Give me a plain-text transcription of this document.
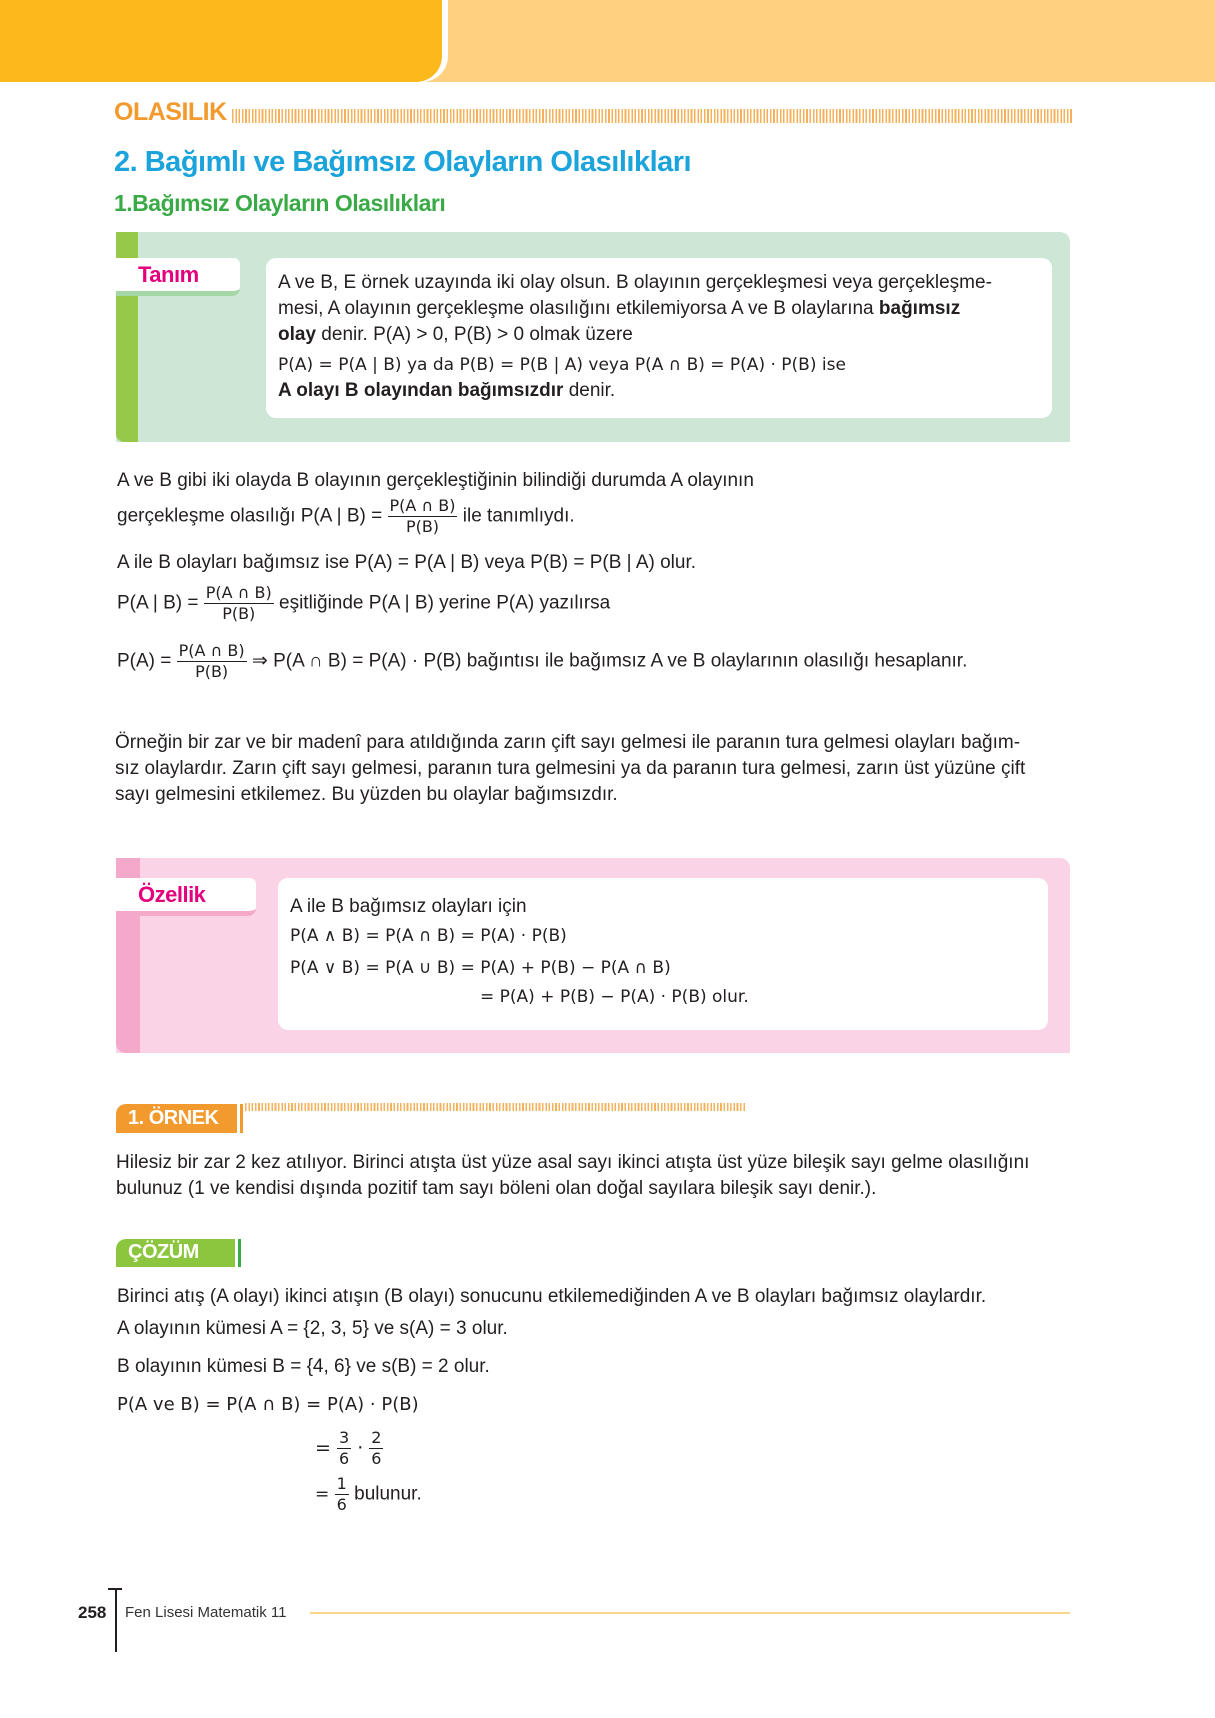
OLASILIK
2. Bağımlı ve Bağımsız Olayların Olasılıkları
1.Bağımsız Olayların Olasılıkları
Tanım	A ve B, E örnek uzayında iki olay olsun. B olayının gerçekleşmesi veya gerçekleşme-
mesi, A olayının gerçekleşme olasılığını etkilemiyorsa A ve B olaylarına bağımsız
olay denir. P(A) > 0, P(B) > 0 olmak üzere
P(A) = P(A | B) ya da P(B) = P(B | A) veya P(A ∩ B) = P(A) · P(B) ise
A olayı B olayından bağımsızdır denir.
A ve B gibi iki olayda B olayının gerçekleştiğinin bilindiği durumda A olayının
gerçekleşme olasılığı P(A | $B) = \frac{P(A \cap B)}{P(B)}$ ile tanımlıydı.
A ile B olayları bağımsız ise P(A) = P(A | B) veya P(B) = P(B | A) olur.
P(A | $B) = \frac{P(A \cap B)}{P(B)}$ eşitliğinde P(A | B) yerine P(A) yazılırsa
$P(A) = \frac{P(A \cap B)}{P(B)}$ ⇒ P(A ∩ B) = P(A) · P(B) bağıntısı ile bağımsız A ve B olaylarının olasılığı hesaplanır.
Örneğin bir zar ve bir madenî para atıldığında zarın çift sayı gelmesi ile paranın tura gelmesi olayları bağım-
sız olaylardır. Zarın çift sayı gelmesi, paranın tura gelmesini ya da paranın tura gelmesi, zarın üst yüzüne çift
sayı gelmesini etkilemez. Bu yüzden bu olaylar bağımsızdır.
Özellik	A ile B bağımsız olayları için
P(A ∧ B) = P(A ∩ B) = P(A) · P(B)
P(A ∨ B) = P(A ∪ B) = P(A) + P(B) − P(A ∩ B)
= P(A) + P(B) − P(A) · P(B) olur.
1. ÖRNEK
Hilesiz bir zar 2 kez atılıyor. Birinci atışta üst yüze asal sayı ikinci atışta üst yüze bileşik sayı gelme olasılığını
bulunuz (1 ve kendisi dışında pozitif tam sayı böleni olan doğal sayılara bileşik sayı denir.).
ÇÖZÜM
Birinci atış (A olayı) ikinci atışın (B olayı) sonucunu etkilemediğinden A ve B olayları bağımsız olaylardır.
A olayının kümesi A = {2, 3, 5} ve s(A) = 3 olur.
B olayının kümesi B = {4, 6} ve s(B) = 2 olur.
P(A ve B) = P(A ∩ B) = P(A) · P(B)
= $\frac{3}{6} \cdot \frac{2}{6}$
= $\frac{1}{6}$ bulunur.
258 Fen Lisesi Matematik 11
